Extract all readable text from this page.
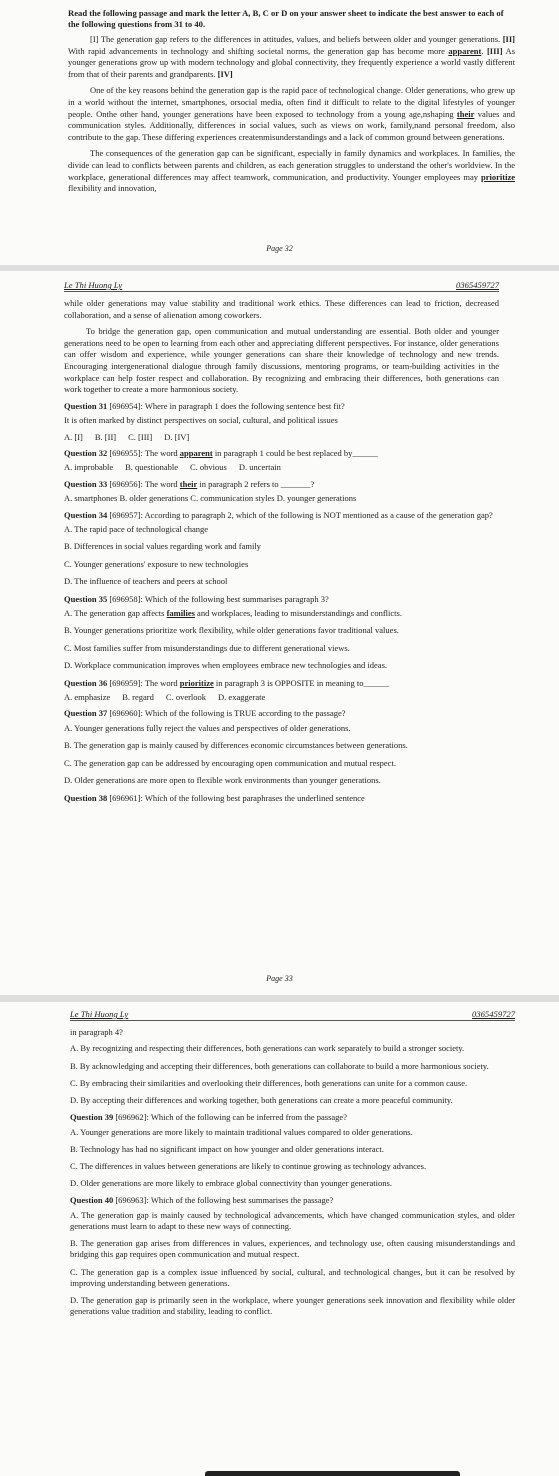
Read the following passage and mark the letter A, B, C or D on your answer sheet to indicate the best answer to each of the following questions from 31 to 40.

[I] The generation gap refers to the differences in attitudes, values, and beliefs between older and younger generations. [II] With rapid advancements in technology and shifting societal norms, the generation gap has become more apparent. [III] As younger generations grow up with modern technology and global connectivity, they frequently experience a world vastly different from that of their parents and grandparents. [IV]

One of the key reasons behind the generation gap is the rapid pace of technological change. Older generations, who grew up in a world without the internet, smartphones, orsocial media, often find it difficult to relate to the digital lifestyles of younger people. Onthe other hand, younger generations have been exposed to technology from a young age,nshaping their values and communication styles. Additionally, differences in social values, such as views on work, family,nand personal freedom, also contribute to the gap. These differing experiences createnmisunderstandings and a lack of common ground between generations.

The consequences of the generation gap can be significant, especially in family dynamics and workplaces. In families, the divide can lead to conflicts between parents and children, as each generation struggles to understand the other's worldview. In the workplace, generational differences may affect teamwork, communication, and productivity. Younger employees may prioritize flexibility and innovation,

Page 32
Le Thi Huong Ly	0365459727

while older generations may value stability and traditional work ethics. These differences can lead to friction, decreased collaboration, and a sense of alienation among coworkers.

To bridge the generation gap, open communication and mutual understanding are essential. Both older and younger generations need to be open to learning from each other and appreciating different perspectives. For instance, older generations can offer wisdom and experience, while younger generations can share their knowledge of technology and new trends. Encouraging intergenerational dialogue through family discussions, mentoring programs, or team-building activities in the workplace can help foster respect and collaboration. By recognizing and embracing their differences, both generations can work together to create a more harmonious society.

Question 31 [696954]: Where in paragraph 1 does the following sentence best fit?
It is often marked by distinct perspectives on social, cultural, and political issues
A. [I] B. [II] C. [III] D. [IV]
Question 32 [696955]: The word apparent in paragraph 1 could be best replaced by______
A. improbable B. questionable C. obvious D. uncertain
Question 33 [696956]: The word their in paragraph 2 refers to _______?
A. smartphones B. older generations C. communication styles D. younger generations
Question 34 [696957]: According to paragraph 2, which of the following is NOT mentioned as a cause of the generation gap?
A. The rapid pace of technological change
B. Differences in social values regarding work and family
C. Younger generations' exposure to new technologies
D. The influence of teachers and peers at school
Question 35 [696958]: Which of the following best summarises paragraph 3?
A. The generation gap affects families and workplaces, leading to misunderstandings and conflicts.
B. Younger generations prioritize work flexibility, while older generations favor traditional values.
C. Most families suffer from misunderstandings due to different generational views.
D. Workplace communication improves when employees embrace new technologies and ideas.
Question 36 [696959]: The word prioritize in paragraph 3 is OPPOSITE in meaning to______
A. emphasize B. regard C. overlook D. exaggerate
Question 37 [696960]: Which of the following is TRUE according to the passage?
A. Younger generations fully reject the values and perspectives of older generations.
B. The generation gap is mainly caused by differences economic circumstances between generations.
C. The generation gap can be addressed by encouraging open communication and mutual respect.
D. Older generations are more open to flexible work environments than younger generations.
Question 38 [696961]: Which of the following best paraphrases the underlined sentence
Page 33
Le Thi Huong Ly	0365459727
in paragraph 4?
A. By recognizing and respecting their differences, both generations can work separately to build a stronger society.
B. By acknowledging and accepting their differences, both generations can collaborate to build a more harmonious society.
C. By embracing their similarities and overlooking their differences, both generations can unite for a common cause.
D. By accepting their differences and working together, both generations can create a more peaceful community.
Question 39 [696962]: Which of the following can be inferred from the passage?
A. Younger generations are more likely to maintain traditional values compared to older generations.
B. Technology has had no significant impact on how younger and older generations interact.
C. The differences in values between generations are likely to continue growing as technology advances.
D. Older generations are more likely to embrace global connectivity than younger generations.
Question 40 [696963]: Which of the following best summarises the passage?
A. The generation gap is mainly caused by technological advancements, which have changed communication styles, and older generations must learn to adapt to these new ways of connecting.
B. The generation gap arises from differences in values, experiences, and technology use, often causing misunderstandings and bridging this gap requires open communication and mutual respect.
C. The generation gap is a complex issue influenced by social, cultural, and technological changes, but it can be resolved by improving understanding between generations.
D. The generation gap is primarily seen in the workplace, where younger generations seek innovation and flexibility while older generations value tradition and stability, leading to conflict.
